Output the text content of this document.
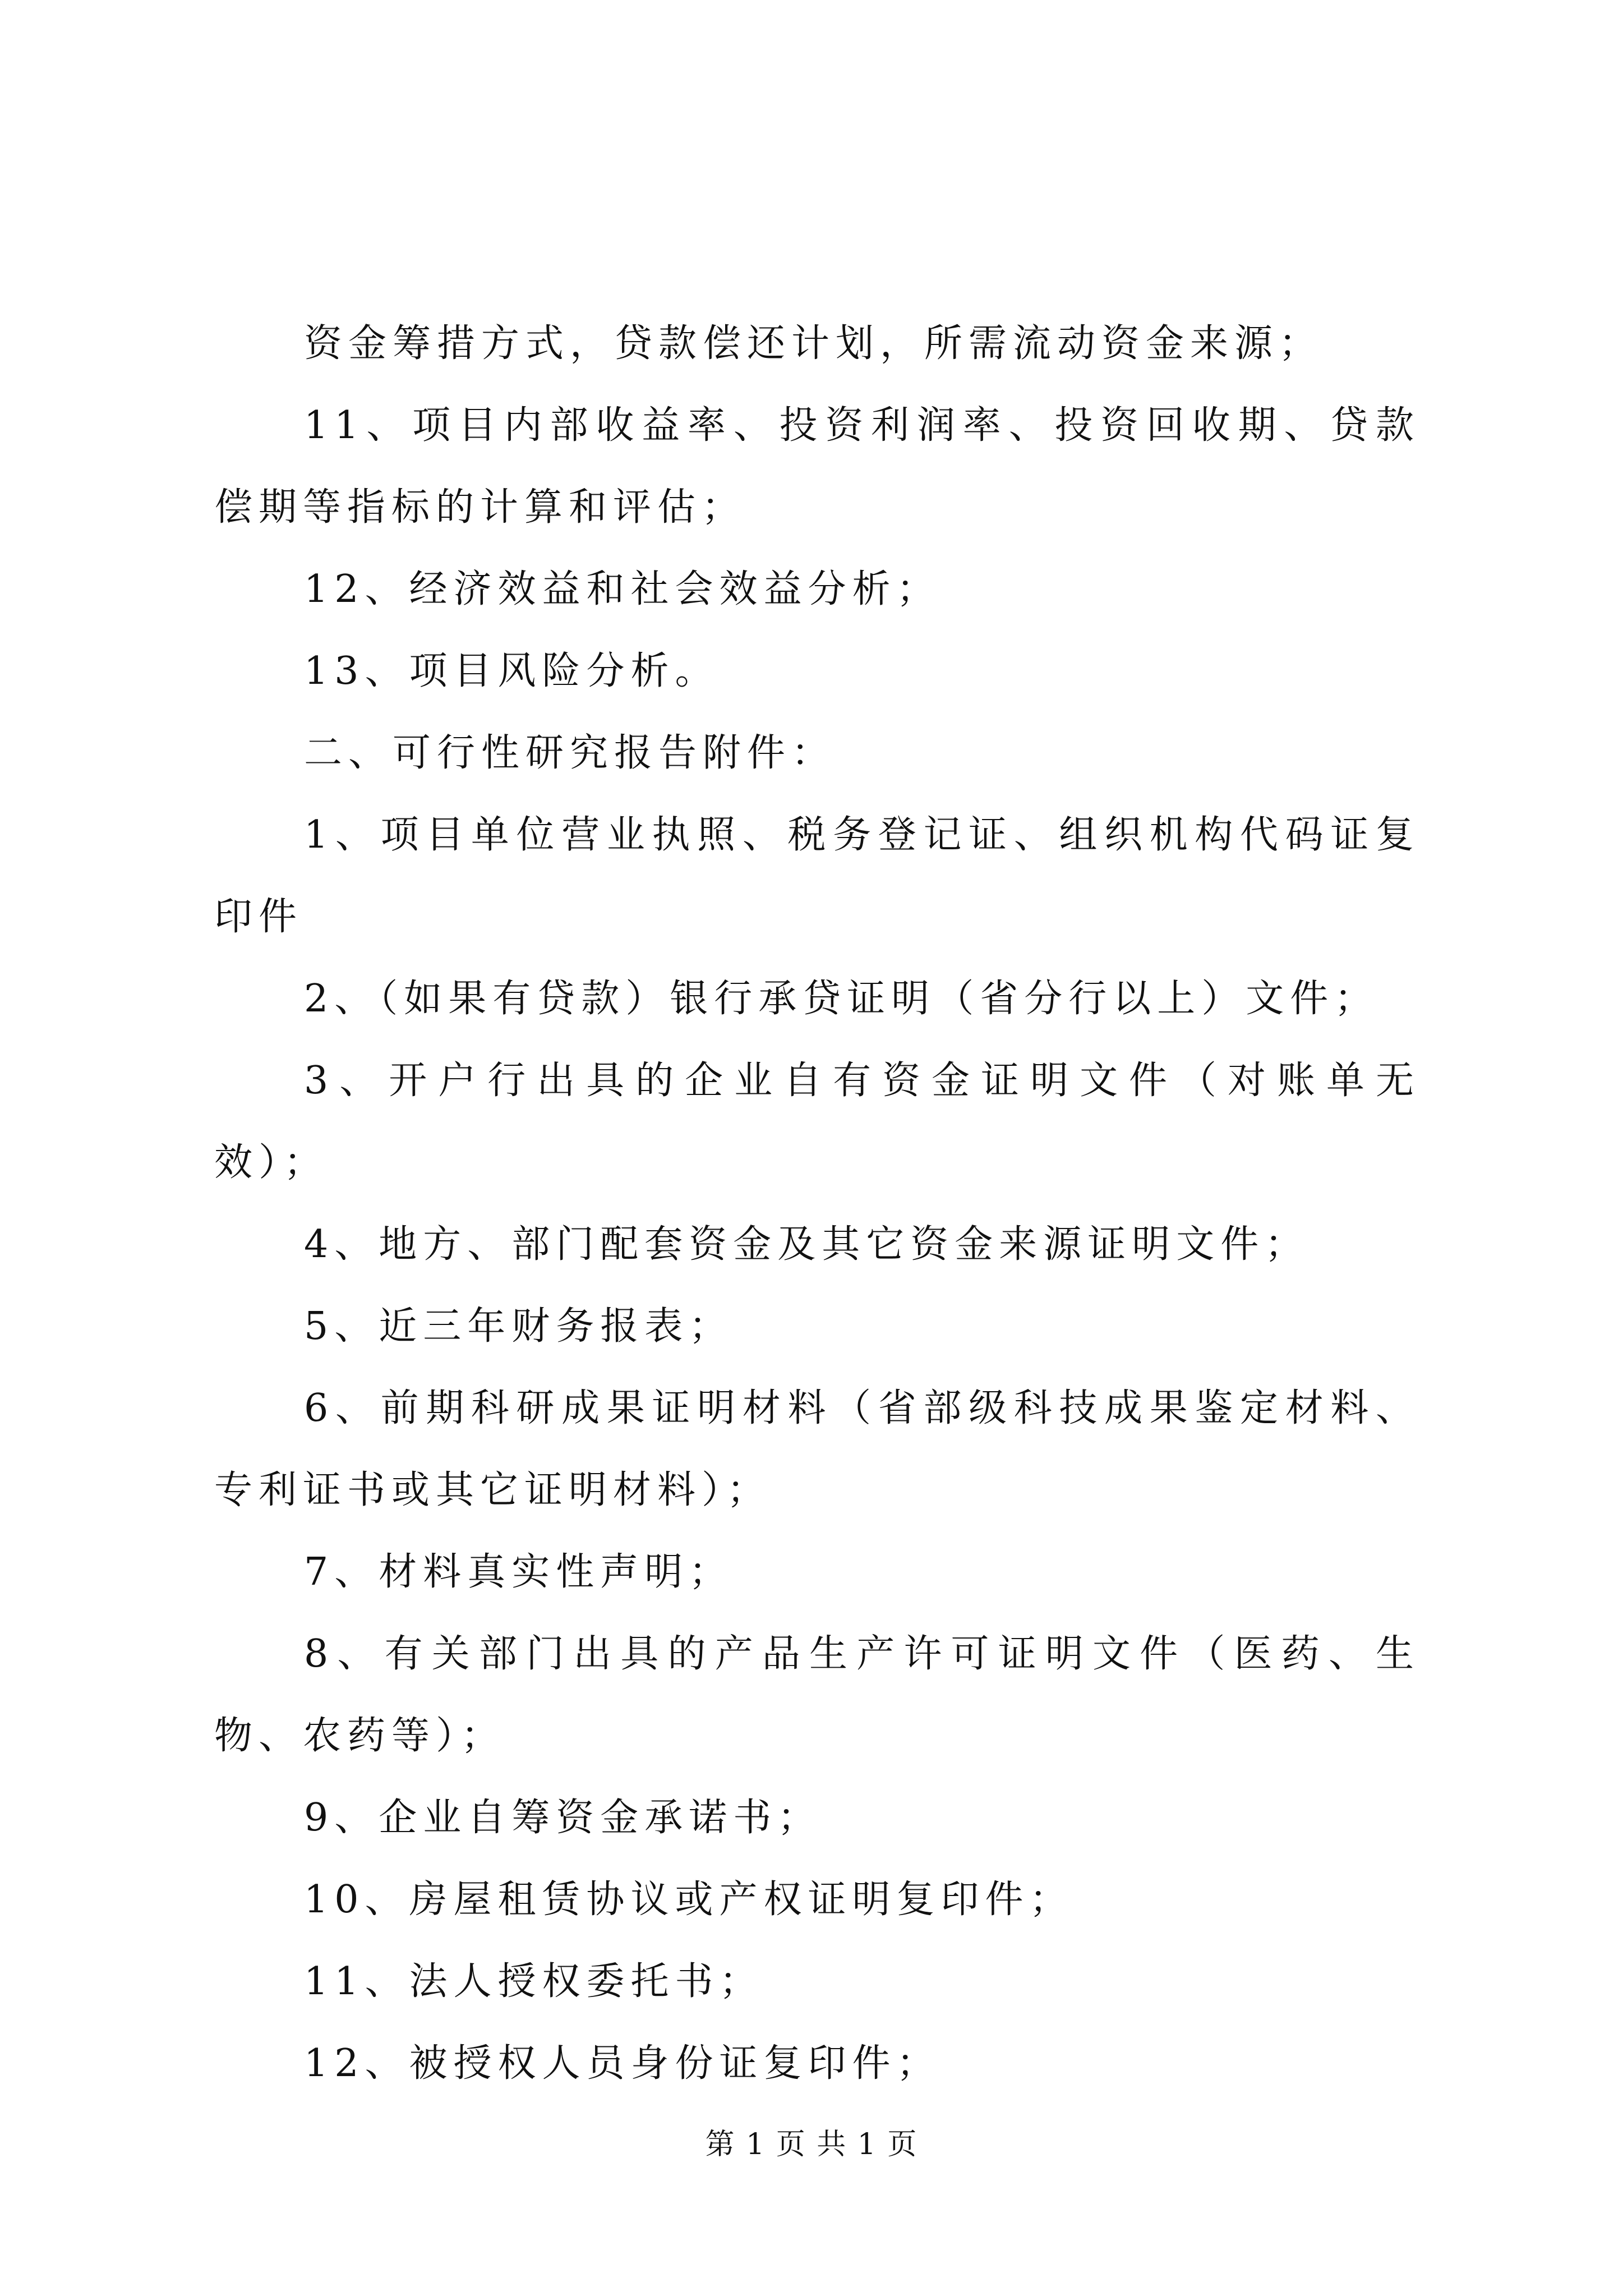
资金筹措方式，贷款偿还计划，所需流动资金来源；

11、项目内部收益率、投资利润率、投资回收期、贷款偿期等指标的计算和评估；

12、经济效益和社会效益分析；

13、项目风险分析。

二、可行性研究报告附件：

1、项目单位营业执照、税务登记证、组织机构代码证复印件

2、（如果有贷款）银行承贷证明（省分行以上）文件；

3、开户行出具的企业自有资金证明文件（对账单无效）；

4、地方、部门配套资金及其它资金来源证明文件；

5、近三年财务报表；

6、前期科研成果证明材料（省部级科技成果鉴定材料、专利证书或其它证明材料）；

7、材料真实性声明；

8、有关部门出具的产品生产许可证明文件（医药、生物、农药等）；

9、企业自筹资金承诺书；

10、房屋租赁协议或产权证明复印件；

11、法人授权委托书；

12、被授权人员身份证复印件；

第 1 页 共 1 页
